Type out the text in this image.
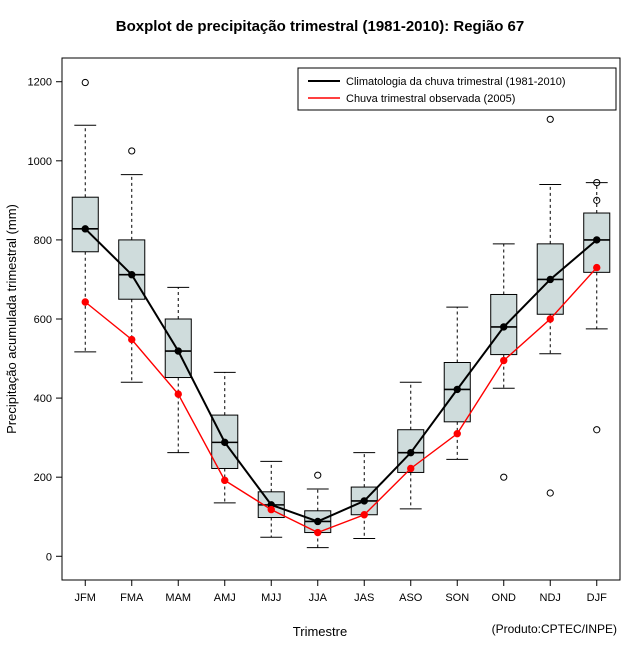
Boxplot de precipitação trimestral (1981-2010): Região 67
0
200
400
600
800
1000
1200
Precipitação acumulada trimestral (mm)
JFM FMA MAM AMJ MJJ JJA JAS ASO SON OND NDJ DJF
Trimestre	(Produto:CPTEC/INPE)
Climatologia da chuva trimestral (1981-2010)
Chuva trimestral observada (2005)
